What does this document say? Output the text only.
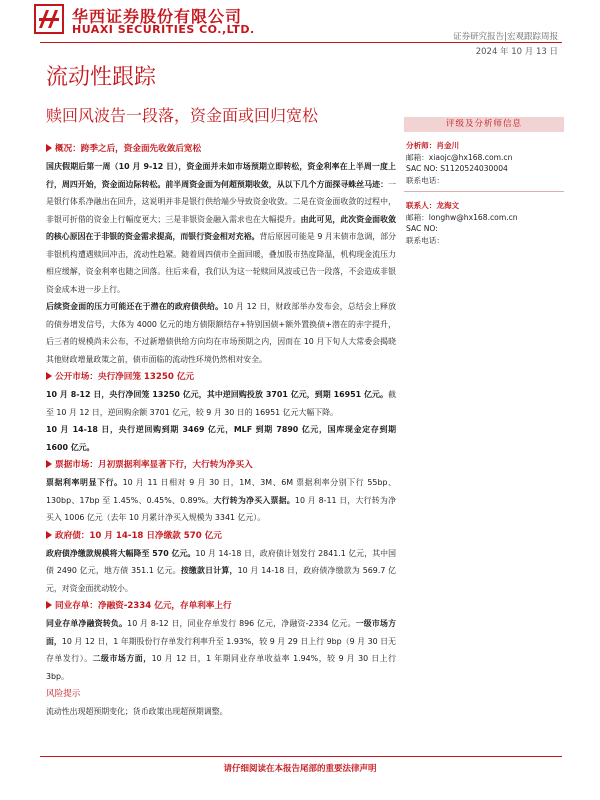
华西证券股份有限公司
HUAXI SECURITIES CO.,LTD.
证券研究报告|宏观跟踪周报
2024 年 10 月 13 日
流动性跟踪
赎回风波告一段落，资金面或回归宽松
概况：跨季之后，资金面先收敛后宽松

国庆假期后第一周（10 月 9-12 日），资金面并未如市场预期立即转松，资金利率在上半周一度上行，周四开始，资金面边际转松。前半周资金面为何超预期收敛，从以下几个方面探寻蛛丝马迹：一是银行体系净融出在回升，这说明并非是银行供给端少导致资金收敛。二是在资金面收敛的过程中，非银可折借的资金上行幅度更大；三是非银资金融入需求也在大幅提升。由此可见，此次资金面收敛的核心原因在于非银的资金需求提高，而银行资金相对充裕。背后原因可能是 9 月末债市急调，部分非银机构遭遇赎回冲击，流动性趋紧。随着周四债市全面回暖，叠加股市热度降温，机构现金流压力相应缓解，资金利率也随之回落。往后来看，我们认为这一轮赎回风波或已告一段落，不会造成非银资金成本进一步上行。

后续资金面的压力可能还在于潜在的政府债供给。10 月 12 日，财政部举办发布会，总结会上释放的债券增发信号，大体为 4000 亿元的地方债限额结存+特别国债+额外置换债+潜在的赤字提升，后三者的规模尚未公布，不过新增债供给方向均在市场预期之内，因而在 10 月下旬人大常委会揭晓其他财政增量政策之前，债市面临的流动性环境仍然相对安全。

公开市场：央行净回笼 13250 亿元

10 月 8-12 日，央行净回笼 13250 亿元，其中逆回购投放 3701 亿元，到期 16951 亿元。截至 10 月 12 日，逆回购余额 3701 亿元，较 9 月 30 日的 16951 亿元大幅下降。

10 月 14-18 日，央行逆回购到期 3469 亿元，MLF 到期 7890 亿元，国库现金定存到期 1600 亿元。

票据市场：月初票据利率显著下行，大行转为净买入

票据利率明显下行。10 月 11 日相对 9 月 30 日，1M、3M、6M 票据利率分别下行 55bp、130bp、17bp 至 1.45%、0.45%、0.89%。大行转为净买入票据。10 月 8-11 日，大行转为净买入 1006 亿元（去年 10 月累计净买入规模为 3341 亿元）。

政府债：10 月 14-18 日净缴款 570 亿元

政府债净缴款规模将大幅降至 570 亿元。10 月 14-18 日，政府债计划发行 2841.1 亿元，其中国债 2490 亿元，地方债 351.1 亿元。按缴款日计算，10 月 14-18 日，政府债净缴款为 569.7 亿元，对资金面扰动较小。

同业存单：净融资-2334 亿元，存单利率上行

同业存单净融资转负。10 月 8-12 日，同业存单发行 896 亿元，净融资-2334 亿元。一级市场方面，10 月 12 日，1 年期股份行存单发行利率升至 1.93%，较 9 月 29 日上行 9bp（9 月 30 日无存单发行）。二级市场方面，10 月 12 日，1 年期同业存单收益率 1.94%，较 9 月 30 日上行 3bp。

风险提示

流动性出现超预期变化；货币政策出现超预期调整。

评级及分析师信息
分析师：肖金川
邮箱：xiaojc@hx168.com.cn
SAC NO: S1120524030004
联系电话：
联系人：龙海文
邮箱：longhw@hx168.com.cn
SAC NO:
联系电话：
请仔细阅读在本报告尾部的重要法律声明
